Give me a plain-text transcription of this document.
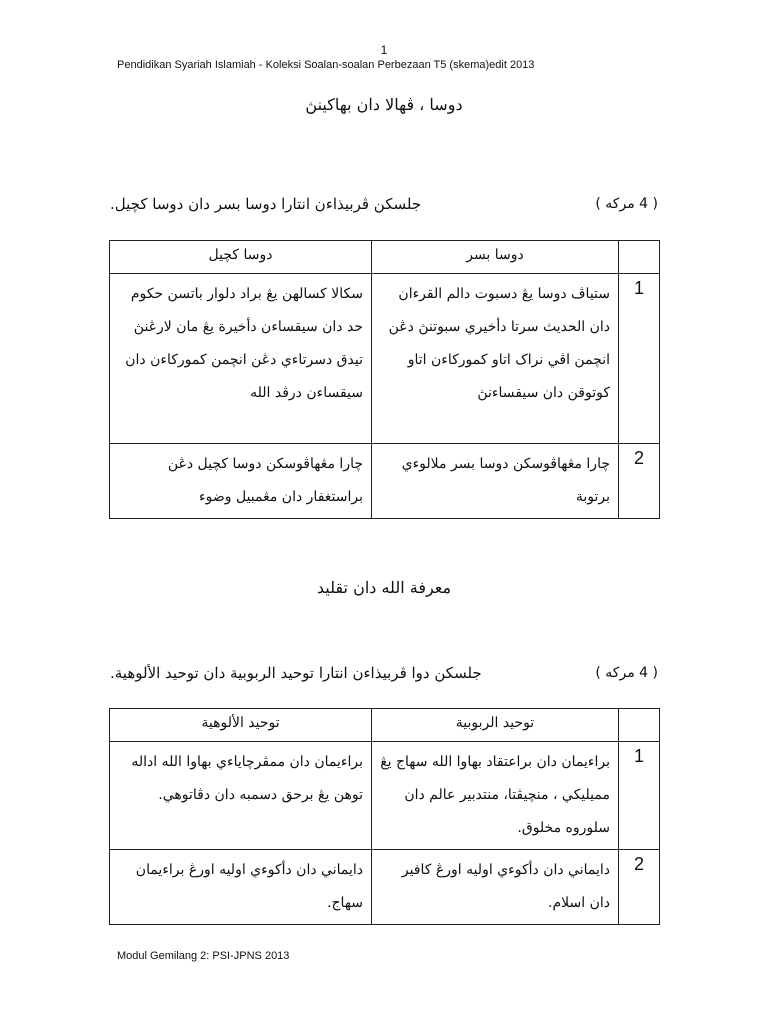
1
Pendidikan Syariah Islamiah - Koleksi Soalan-soalan Perbezaan T5 (skema)edit 2013
دوسا ، ڤهالا دان بهاکينڽ
جلسکن ڤربيذاءن انتارا دوسا بسر دان دوسا کچيل.	( 4 مرکه )
	دوسا بسر	دوسا کچيل
1	ستياڤ دوسا يڠ دسبوت دالم القرءان دان الحديث سرتا دأخيري سبوتنڽ دڠن انچمن اڤي نراک اتاو کمورکاءن اتاو کوتوقن دان سيقساءنڽ	سکالا کسالهن يڠ براد دلوار باتسن حکوم حد دان سيقساءن دأخيرة يڠ مان لارڠنڽ تيدق دسرتاءي دڠن انچمن کمورکاءن دان سيقساءن درڤد الله
2	چارا مڠهاڤوسکن دوسا بسر ملالوءي برتوبة	چارا مڠهاڤوسکن دوسا کچيل دڠن براستغفار دان مڠمبيل وضوء
معرفة الله دان تقليد
جلسکن دوا ڤربيذاءن انتارا توحيد الربوبية دان توحيد الألوهية.	( 4 مرکه )
	توحيد الربوبية	توحيد الألوهية
1	براءيمان دان براعتقاد بهاوا الله سهاج يڠ مميليکي ، منچيڤتا، منتدبير عالم دان سلوروه مخلوق.	براءيمان دان ممڤرچاياءي بهاوا الله اداله توهن يڠ برحق دسمبه دان دڤاتوهي.
2	دايماني دان دأکوءي اوليه اورڠ کافير دان اسلام.	دايماني دان دأکوءي اوليه اورڠ براءيمان سهاج.
Modul Gemilang 2: PSI-JPNS 2013
